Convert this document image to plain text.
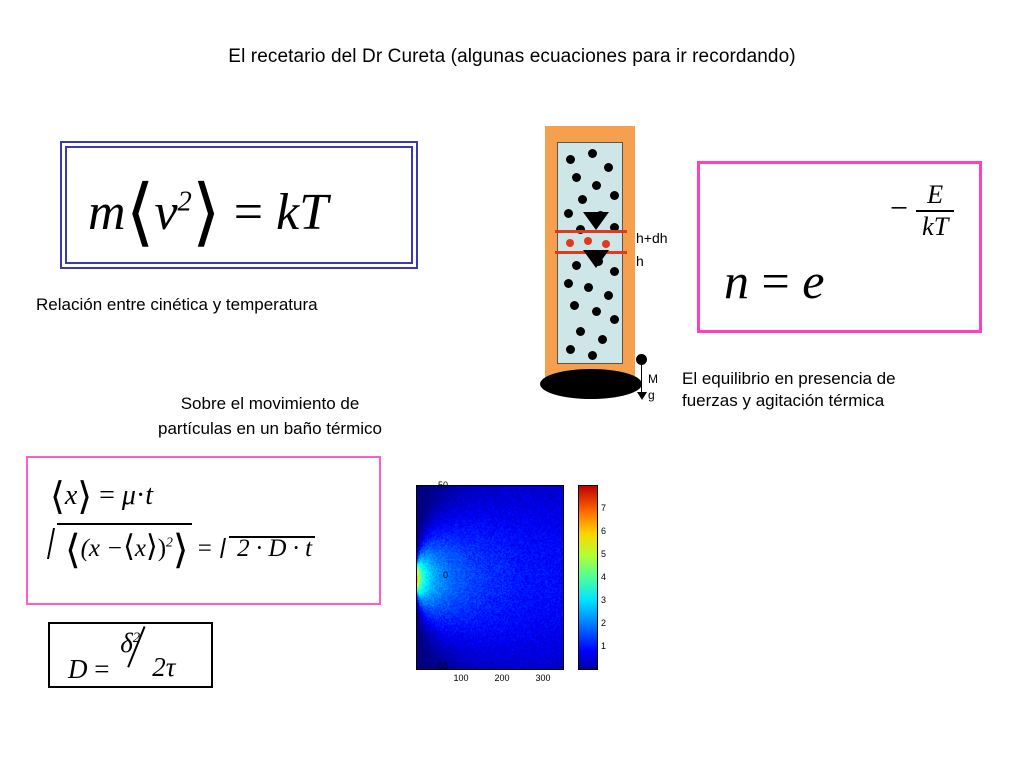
El recetario del Dr Cureta (algunas ecuaciones para ir recordando)
$m⟨v^2⟩$ = kT
Relación entre cinética y temperatura	n = e
− $\frac{E}{kT}$
El equilibrio en presencia de
fuerzas y agitación térmica
h+dh
h
M
g
Sobre el movimiento de
partículas en un baño térmico
⟨x⟩ = μ·t
⟨(x −⟨x⟩)$^2$⟩ = 2 · D · t
D =
$\delta^2$
2τ
50
0
-50
100	200	300
7
6
5
4
3
2
1
